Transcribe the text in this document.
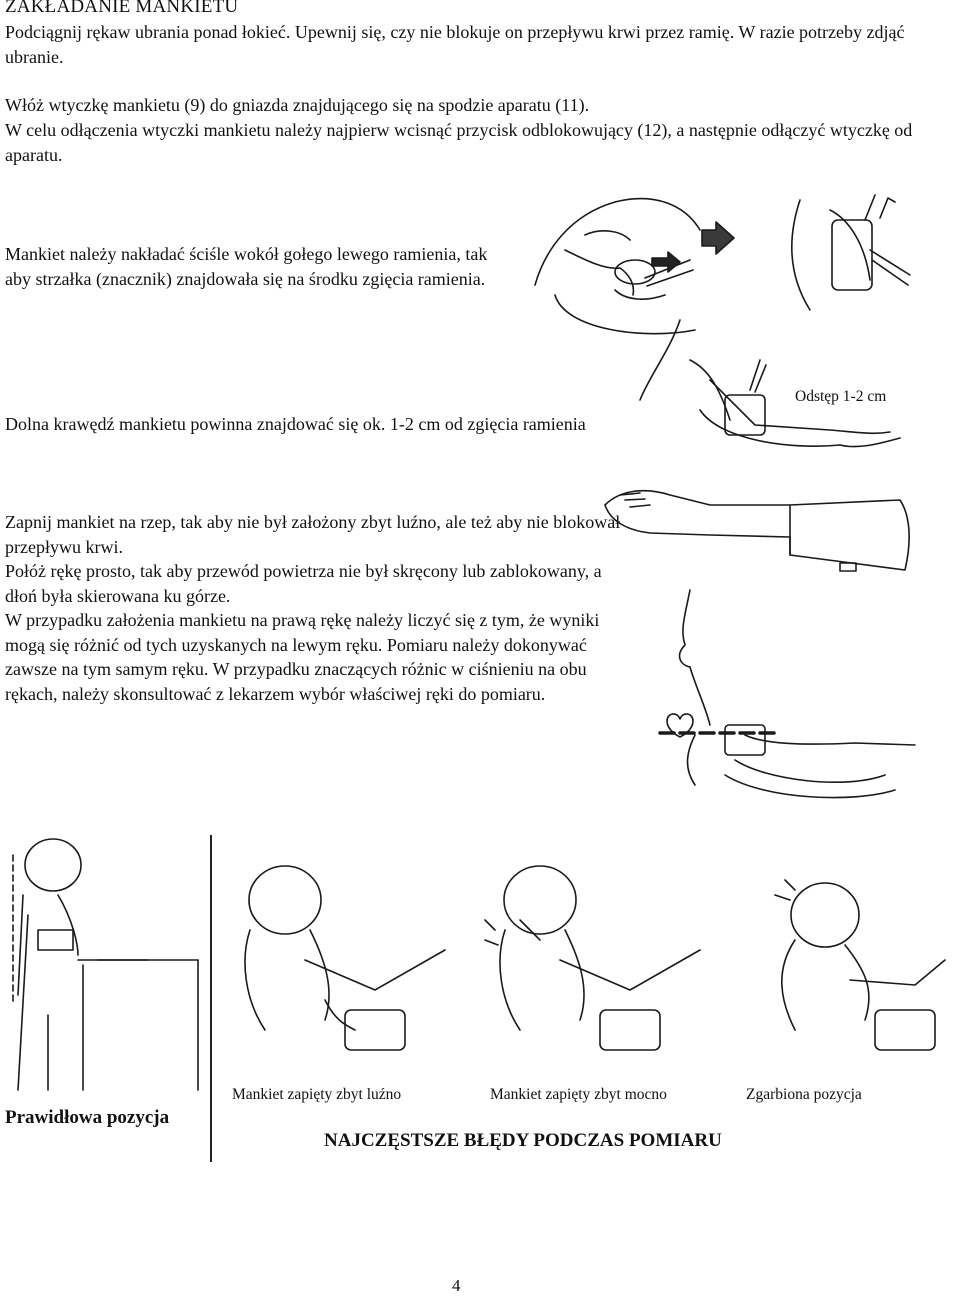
ZAKŁADANIE MANKIETU

Podciągnij rękaw ubrania ponad łokieć. Upewnij się, czy nie blokuje on przepływu krwi przez ramię. W razie potrzeby zdjąć ubranie.

Włóż wtyczkę mankietu (9) do gniazda znajdującego się na spodzie aparatu (11).

W celu odłączenia wtyczki mankietu należy najpierw wcisnąć przycisk odblokowujący (12), a następnie odłączyć wtyczkę od aparatu.

Mankiet należy nakładać ściśle wokół gołego lewego ramienia, tak aby strzałka (znacznik) znajdowała się na środku zgięcia ramienia.

Dolna krawędź mankietu powinna znajdować się ok. 1-2 cm od zgięcia ramienia

Zapnij mankiet na rzep, tak aby nie był założony zbyt luźno, ale też aby nie blokował przepływu krwi.

Połóż rękę prosto, tak aby przewód powietrza nie był skręcony lub zablokowany, a dłoń była skierowana ku górze.

W przypadku założenia mankietu na prawą rękę należy liczyć się z tym, że wyniki mogą się różnić od tych uzyskanych na lewym ręku. Pomiaru należy dokonywać zawsze na tym samym ręku. W przypadku znaczących różnic w ciśnieniu na obu rękach, należy skonsultować z lekarzem wybór właściwej ręki do pomiaru.

Odstęp 1-2 cm
Mankiet zapięty zbyt luźno	Mankiet zapięty zbyt mocno	Zgarbiona pozycja
Prawidłowa pozycja
NAJCZĘSTSZE BŁĘDY PODCZAS POMIARU
4
